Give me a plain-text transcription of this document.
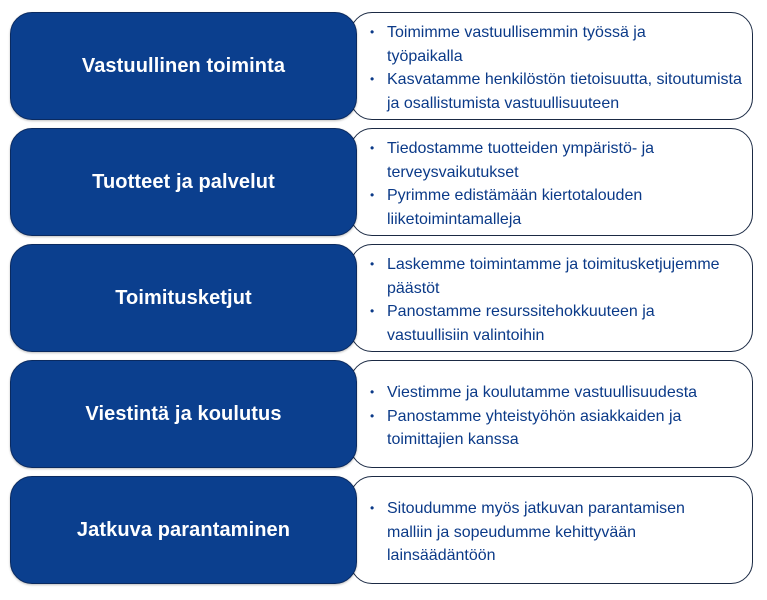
• Toimimme vastuullisemmin työssä ja työpaikalla
• Kasvatamme henkilöstön tietoisuutta, sitoutumista ja osallistumista vastuullisuuteen
Vastuullinen toiminta
• Tiedostamme tuotteiden ympäristö- ja terveysvaikutukset
• Pyrimme edistämään kiertotalouden liiketoimintamalleja
Tuotteet ja palvelut
• Laskemme toimintamme ja toimitusketjujemme päästöt
• Panostamme resurssitehokkuuteen ja vastuullisiin valintoihin
Toimitusketjut
• Viestimme ja koulutamme vastuullisuudesta
• Panostamme yhteistyöhön asiakkaiden ja toimittajien kanssa
Viestintä ja koulutus
• Sitoudumme myös jatkuvan parantamisen malliin ja sopeudumme kehittyvään lainsäädäntöön
Jatkuva parantaminen
